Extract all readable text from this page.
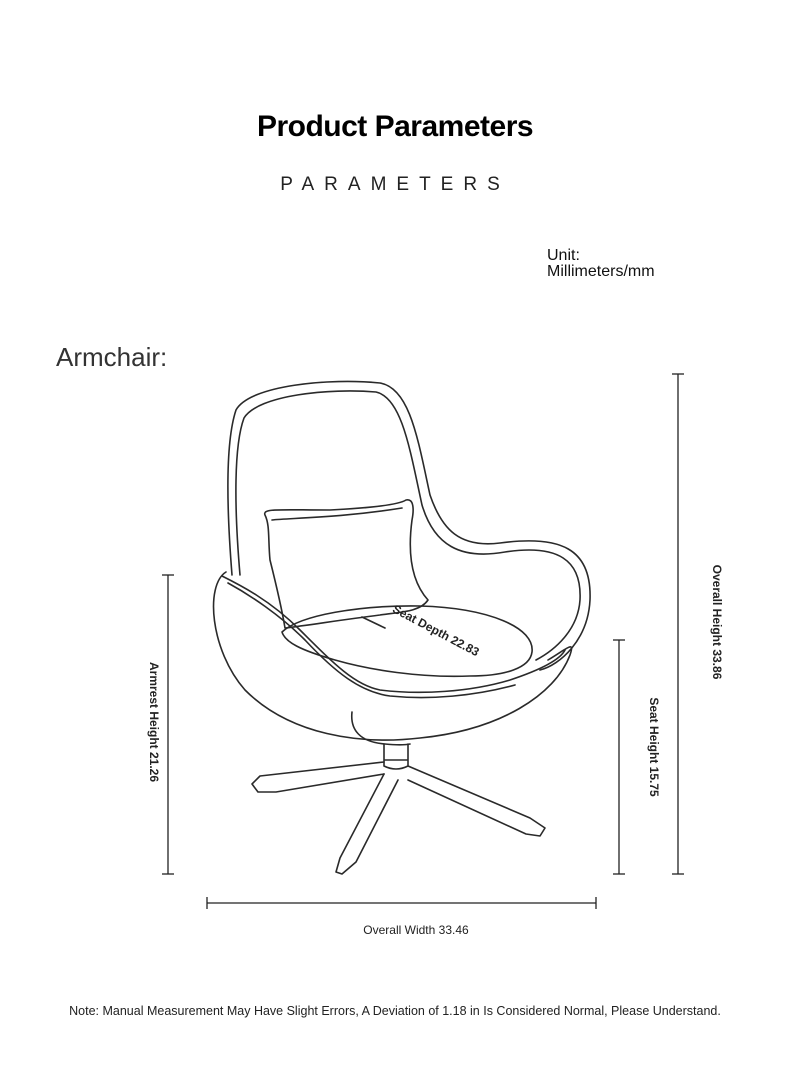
Product Parameters
PARAMETERS
Unit:
Millimeters/mm
Armchair:
Overall Height 33.86
Armrest Height 21.26	Seat Height 15.75
Seat Depth 22.83
Overall Width 33.46
Note: Manual Measurement May Have Slight Errors, A Deviation of 1.18 in Is Considered Normal, Please Understand.
